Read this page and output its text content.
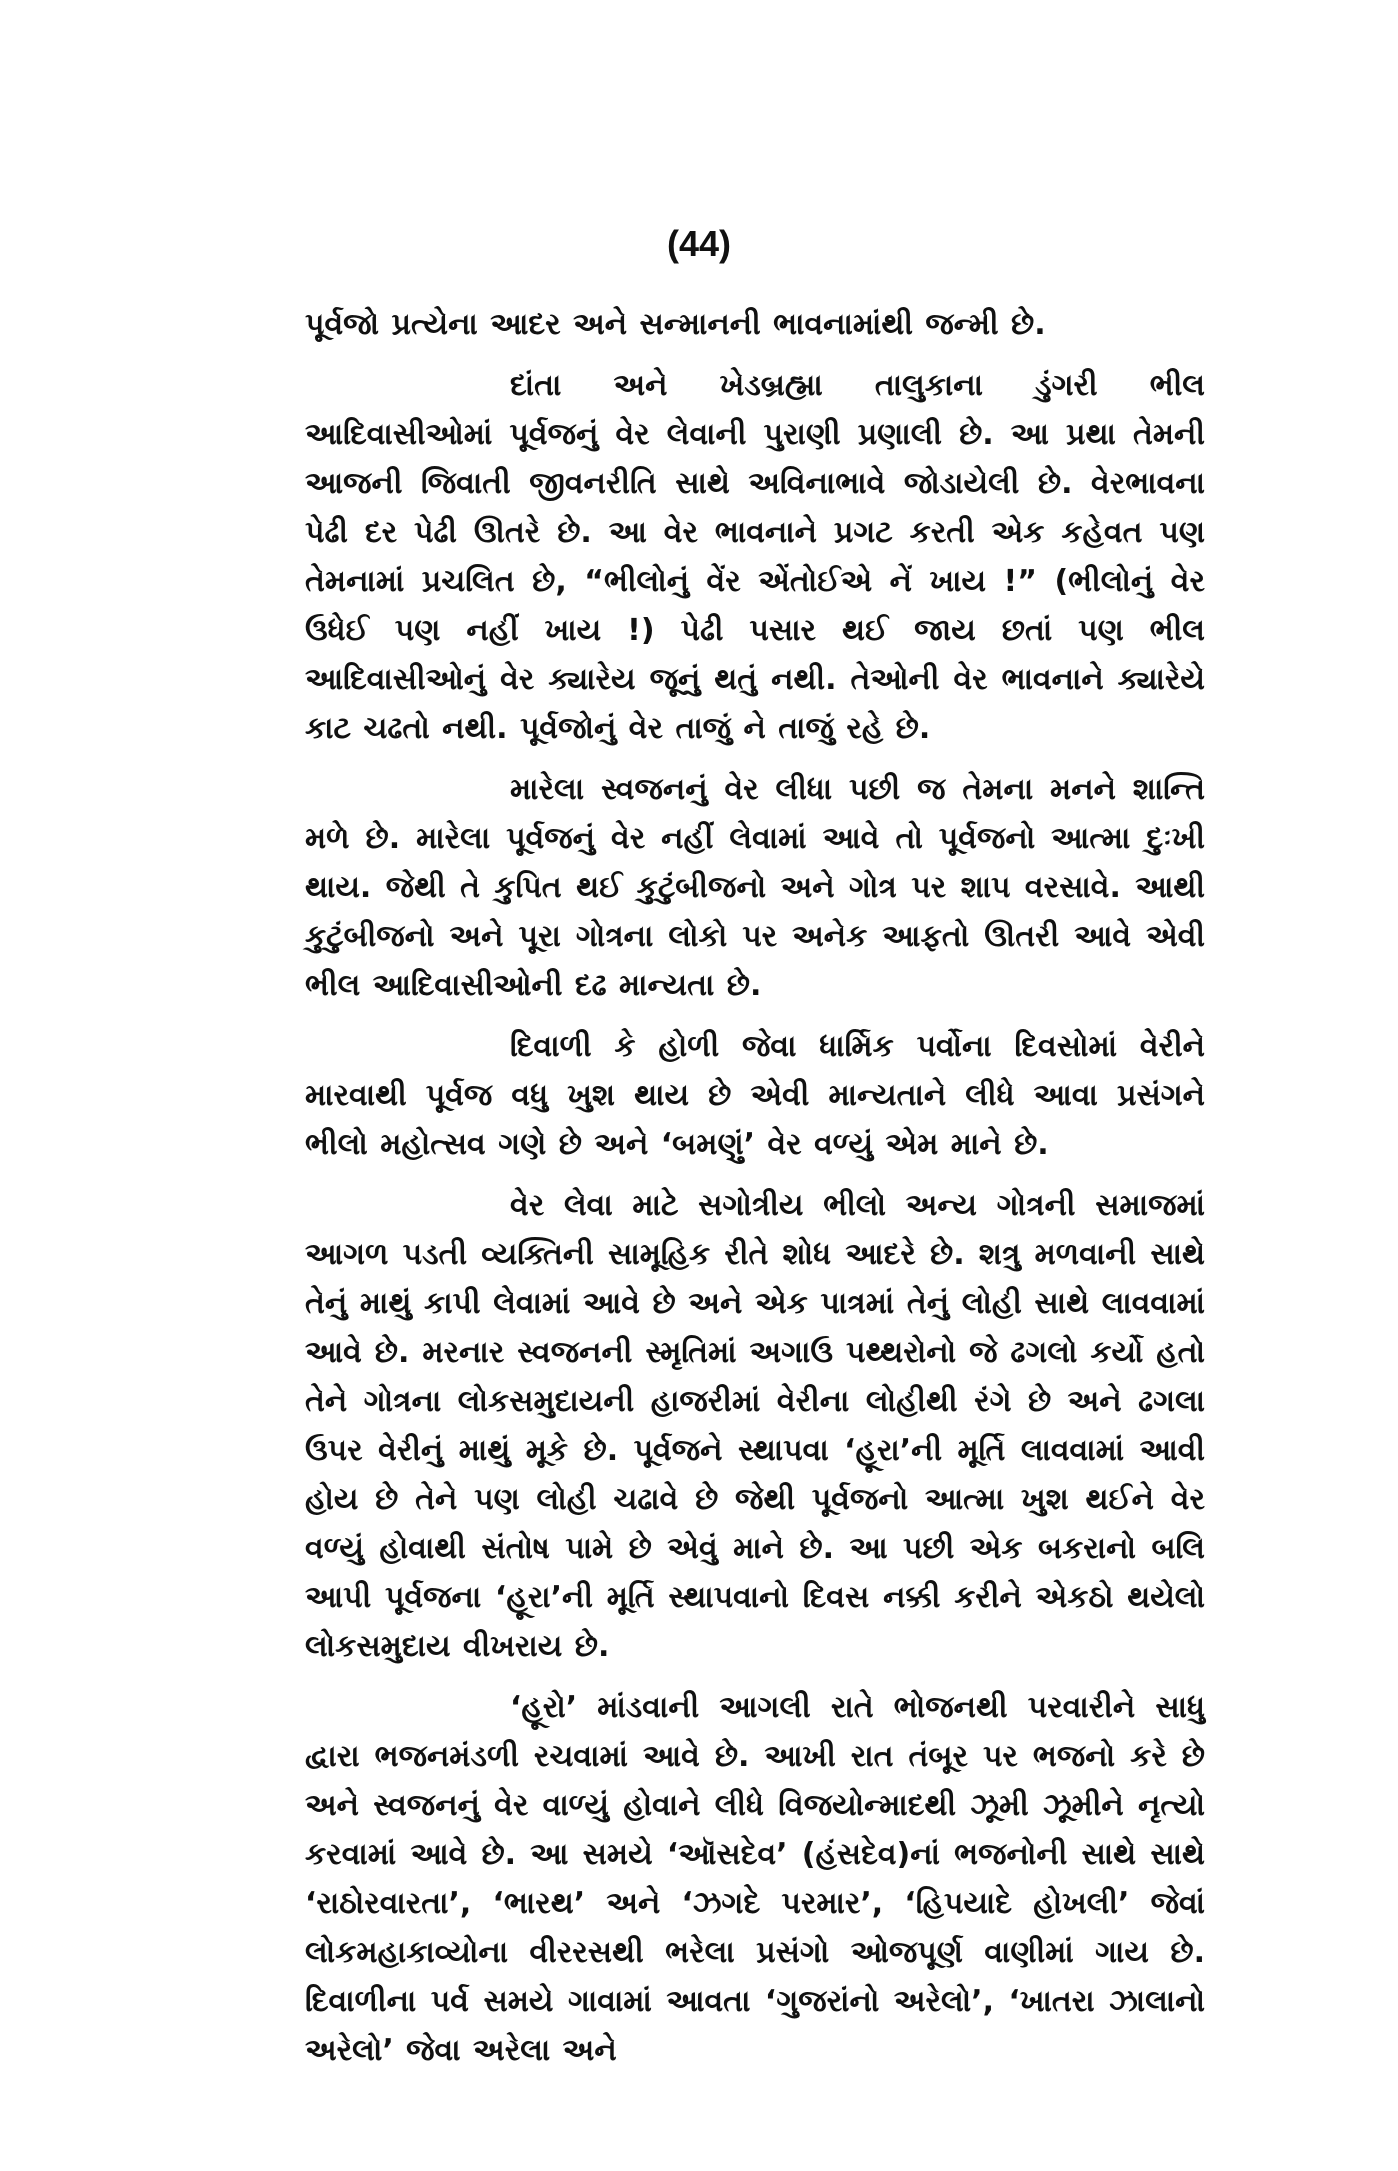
(44)

પૂર્વજો પ્રત્યેના આદર અને સન્માનની ભાવનામાંથી જન્મી છે.

દાંતા અને ખેડબ્રહ્મા તાલુકાના ડુંગરી ભીલ આદિવાસીઓમાં પૂર્વજનું વેર લેવાની પુરાણી પ્રણાલી છે. આ પ્રથા તેમની આજની જિવાતી જીવનરીતિ સાથે અવિનાભાવે જોડાયેલી છે. વેરભાવના પેઢી દર પેઢી ઊતરે છે. આ વેર ભાવનાને પ્રગટ કરતી એક કહેવત પણ તેમનામાં પ્રચલિત છે, “ભીલોનું વેંર એંતોઈએ નેં ખાય !” (ભીલોનું વેર ઉધેઈ પણ નહીં ખાય !) પેઢી પસાર થઈ જાય છતાં પણ ભીલ આદિવાસીઓનું વેર ક્યારેય જૂનું થતું નથી. તેઓની વેર ભાવનાને ક્યારેયે કાટ ચઢતો નથી. પૂર્વજોનું વેર તાજું ને તાજું રહે છે.

મારેલા સ્વજનનું વેર લીધા પછી જ તેમના મનને શાન્તિ મળે છે. મારેલા પૂર્વજનું વેર નહીં લેવામાં આવે તો પૂર્વજનો આત્મા દુઃખી થાય. જેથી તે કુપિત થઈ કુટુંબીજનો અને ગોત્ર પર શાપ વરસાવે. આથી કુટુંબીજનો અને પૂરા ગોત્રના લોકો પર અનેક આફતો ઊતરી આવે એવી ભીલ આદિવાસીઓની દઢ માન્યતા છે.

દિવાળી કે હોળી જેવા ધાર્મિક પર્વોના દિવસોમાં વેરીને મારવાથી પૂર્વજ વધુ ખુશ થાય છે એવી માન્યતાને લીધે આવા પ્રસંગને ભીલો મહોત્સવ ગણે છે અને ‘બમણું’ વેર વળ્યું એમ માને છે.

વેર લેવા માટે સગોત્રીય ભીલો અન્ય ગોત્રની સમાજમાં આગળ પડતી વ્યક્તિની સામૂહિક રીતે શોધ આદરે છે. શત્રુ મળવાની સાથે તેનું માથું કાપી લેવામાં આવે છે અને એક પાત્રમાં તેનું લોહી સાથે લાવવામાં આવે છે. મરનાર સ્વજનની સ્મૃતિમાં અગાઉ પથ્થરોનો જે ઢગલો કર્યો હતો તેને ગોત્રના લોકસમુદાયની હાજરીમાં વેરીના લોહીથી રંગે છે અને ઢગલા ઉપર વેરીનું માથું મૂકે છે. પૂર્વજને સ્થાપવા ‘હૂરા’ની મૂર્તિ લાવવામાં આવી હોય છે તેને પણ લોહી ચઢાવે છે જેથી પૂર્વજનો આત્મા ખુશ થઈને વેર વળ્યું હોવાથી સંતોષ પામે છે એવું માને છે. આ પછી એક બકરાનો બલિ આપી પૂર્વજના ‘હૂરા’ની મૂર્તિ સ્થાપવાનો દિવસ નક્કી કરીને એકઠો થયેલો લોકસમુદાય વીખરાય છે.

‘હૂરો’ માંડવાની આગલી રાતે ભોજનથી પરવારીને સાધુ દ્વારા ભજનમંડળી રચવામાં આવે છે. આખી રાત તંબૂર પર ભજનો કરે છે અને સ્વજનનું વેર વાળ્યું હોવાને લીધે વિજયોન્માદથી ઝૂમી ઝૂમીને નૃત્યો કરવામાં આવે છે. આ સમયે ‘ઑસદેવ’ (હંસદેવ)નાં ભજનોની સાથે સાથે ‘રાઠોરવારતા’, ‘ભારથ’ અને ‘ઝગદે પરમાર’, ‘હિપયાદે હોખલી’ જેવાં લોકમહાકાવ્યોના વીરરસથી ભરેલા પ્રસંગો ઓજપૂર્ણ વાણીમાં ગાય છે. દિવાળીના પર્વ સમયે ગાવામાં આવતા ‘ગુજરાંનો અરેલો’, ‘ખાતરા ઝાલાનો અરેલો’ જેવા અરેલા અને
